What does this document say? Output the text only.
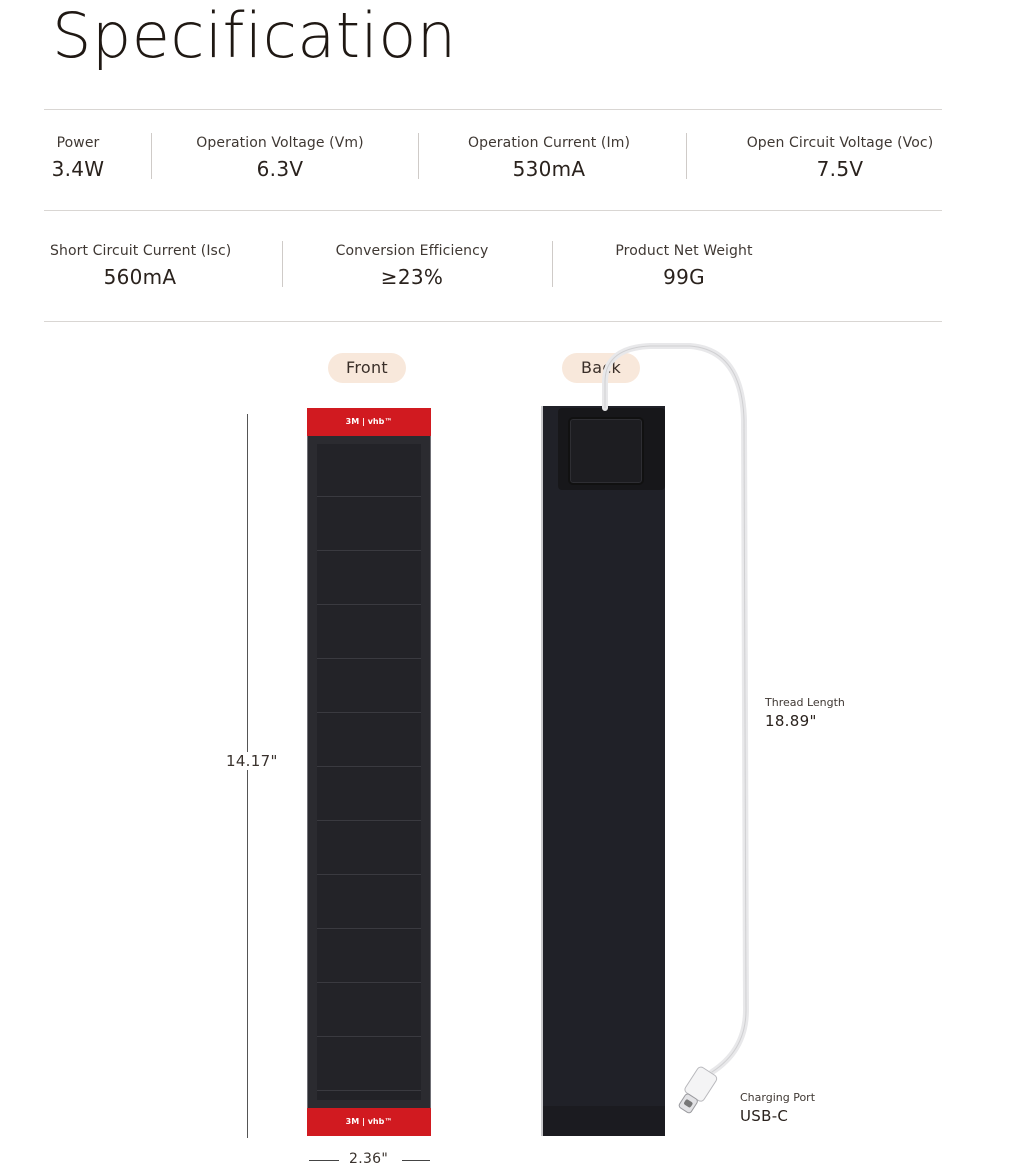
Specification
Power
3.4W
Operation Voltage (Vm)
6.3V
Operation Current (Im)
530mA
Open Circuit Voltage (Voc)
7.5V
Short Circuit Current (Isc)
560mA
Conversion Efficiency
≥23%
Product Net Weight
99G
Front	Back
14.17"
3M | vhb™
3M | vhb™
2.36"
Thread Length
18.89"
Charging Port
USB-C
